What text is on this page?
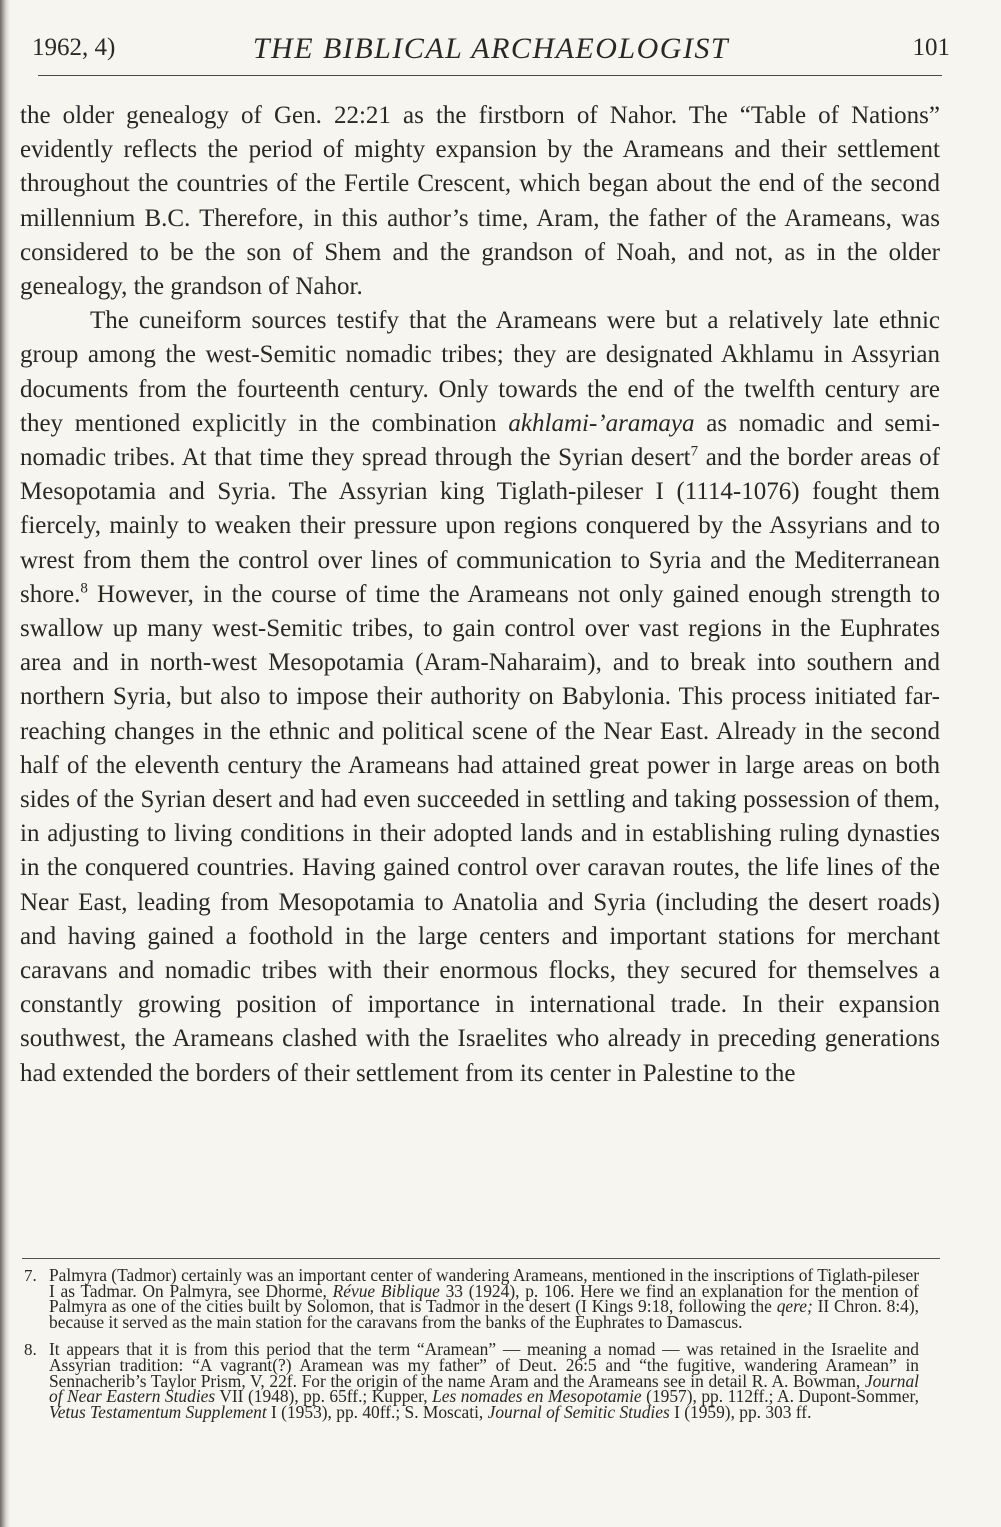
1962, 4)	THE BIBLICAL ARCHAEOLOGIST	101

the older genealogy of Gen. 22:21 as the firstborn of Nahor. The “Table of Nations” evidently reflects the period of mighty expansion by the Arameans and their settlement throughout the countries of the Fertile Crescent, which began about the end of the second millennium B.C. Therefore, in this author’s time, Aram, the father of the Arameans, was considered to be the son of Shem and the grandson of Noah, and not, as in the older genealogy, the grandson of Nahor.

The cuneiform sources testify that the Arameans were but a relatively late ethnic group among the west-Semitic nomadic tribes; they are designated Akhlamu in Assyrian documents from the fourteenth century. Only towards the end of the twelfth century are they mentioned explicitly in the combination akhlami-’aramaya as nomadic and semi-nomadic tribes. At that time they spread through the Syrian desert$^7$ and the border areas of Mesopotamia and Syria. The Assyrian king Tiglath-pileser I (1114-1076) fought them fiercely, mainly to weaken their pressure upon regions conquered by the Assyrians and to wrest from them the control over lines of communication to Syria and the Mediterranean shore.$^8$ However, in the course of time the Arameans not only gained enough strength to swallow up many west-Semitic tribes, to gain control over vast regions in the Euphrates area and in north-west Mesopotamia (Aram-Naharaim), and to break into southern and northern Syria, but also to impose their authority on Babylonia. This process initiated far-reaching changes in the ethnic and political scene of the Near East. Already in the second half of the eleventh century the Arameans had attained great power in large areas on both sides of the Syrian desert and had even succeeded in settling and taking possession of them, in adjusting to living conditions in their adopted lands and in establishing ruling dynasties in the conquered countries. Having gained control over caravan routes, the life lines of the Near East, leading from Mesopotamia to Anatolia and Syria (including the desert roads) and having gained a foothold in the large centers and important stations for merchant caravans and nomadic tribes with their enormous flocks, they secured for themselves a constantly growing position of importance in international trade. In their expansion southwest, the Arameans clashed with the Israelites who already in preceding generations had extended the borders of their settlement from its center in Palestine to the

7. Palmyra (Tadmor) certainly was an important center of wandering Arameans, mentioned in the inscriptions of Tiglath-pileser I as Tadmar. On Palmyra, see Dhorme, Révue Biblique 33 (1924), p. 106. Here we find an explanation for the mention of Palmyra as one of the cities built by Solomon, that is Tadmor in the desert (I Kings 9:18, following the qere; II Chron. 8:4), because it served as the main station for the caravans from the banks of the Euphrates to Damascus.
8. It appears that it is from this period that the term “Aramean” — meaning a nomad — was retained in the Israelite and Assyrian tradition: “A vagrant(?) Aramean was my father” of Deut. 26:5 and “the fugitive, wandering Aramean” in Sennacherib’s Taylor Prism, V, 22f. For the origin of the name Aram and the Arameans see in detail R. A. Bowman, Journal of Near Eastern Studies VII (1948), pp. 65ff.; Kupper, Les nomades en Mesopotamie (1957), pp. 112ff.; A. Dupont-Sommer, Vetus Testamentum Supplement I (1953), pp. 40ff.; S. Moscati, Journal of Semitic Studies I (1959), pp. 303 ff.
